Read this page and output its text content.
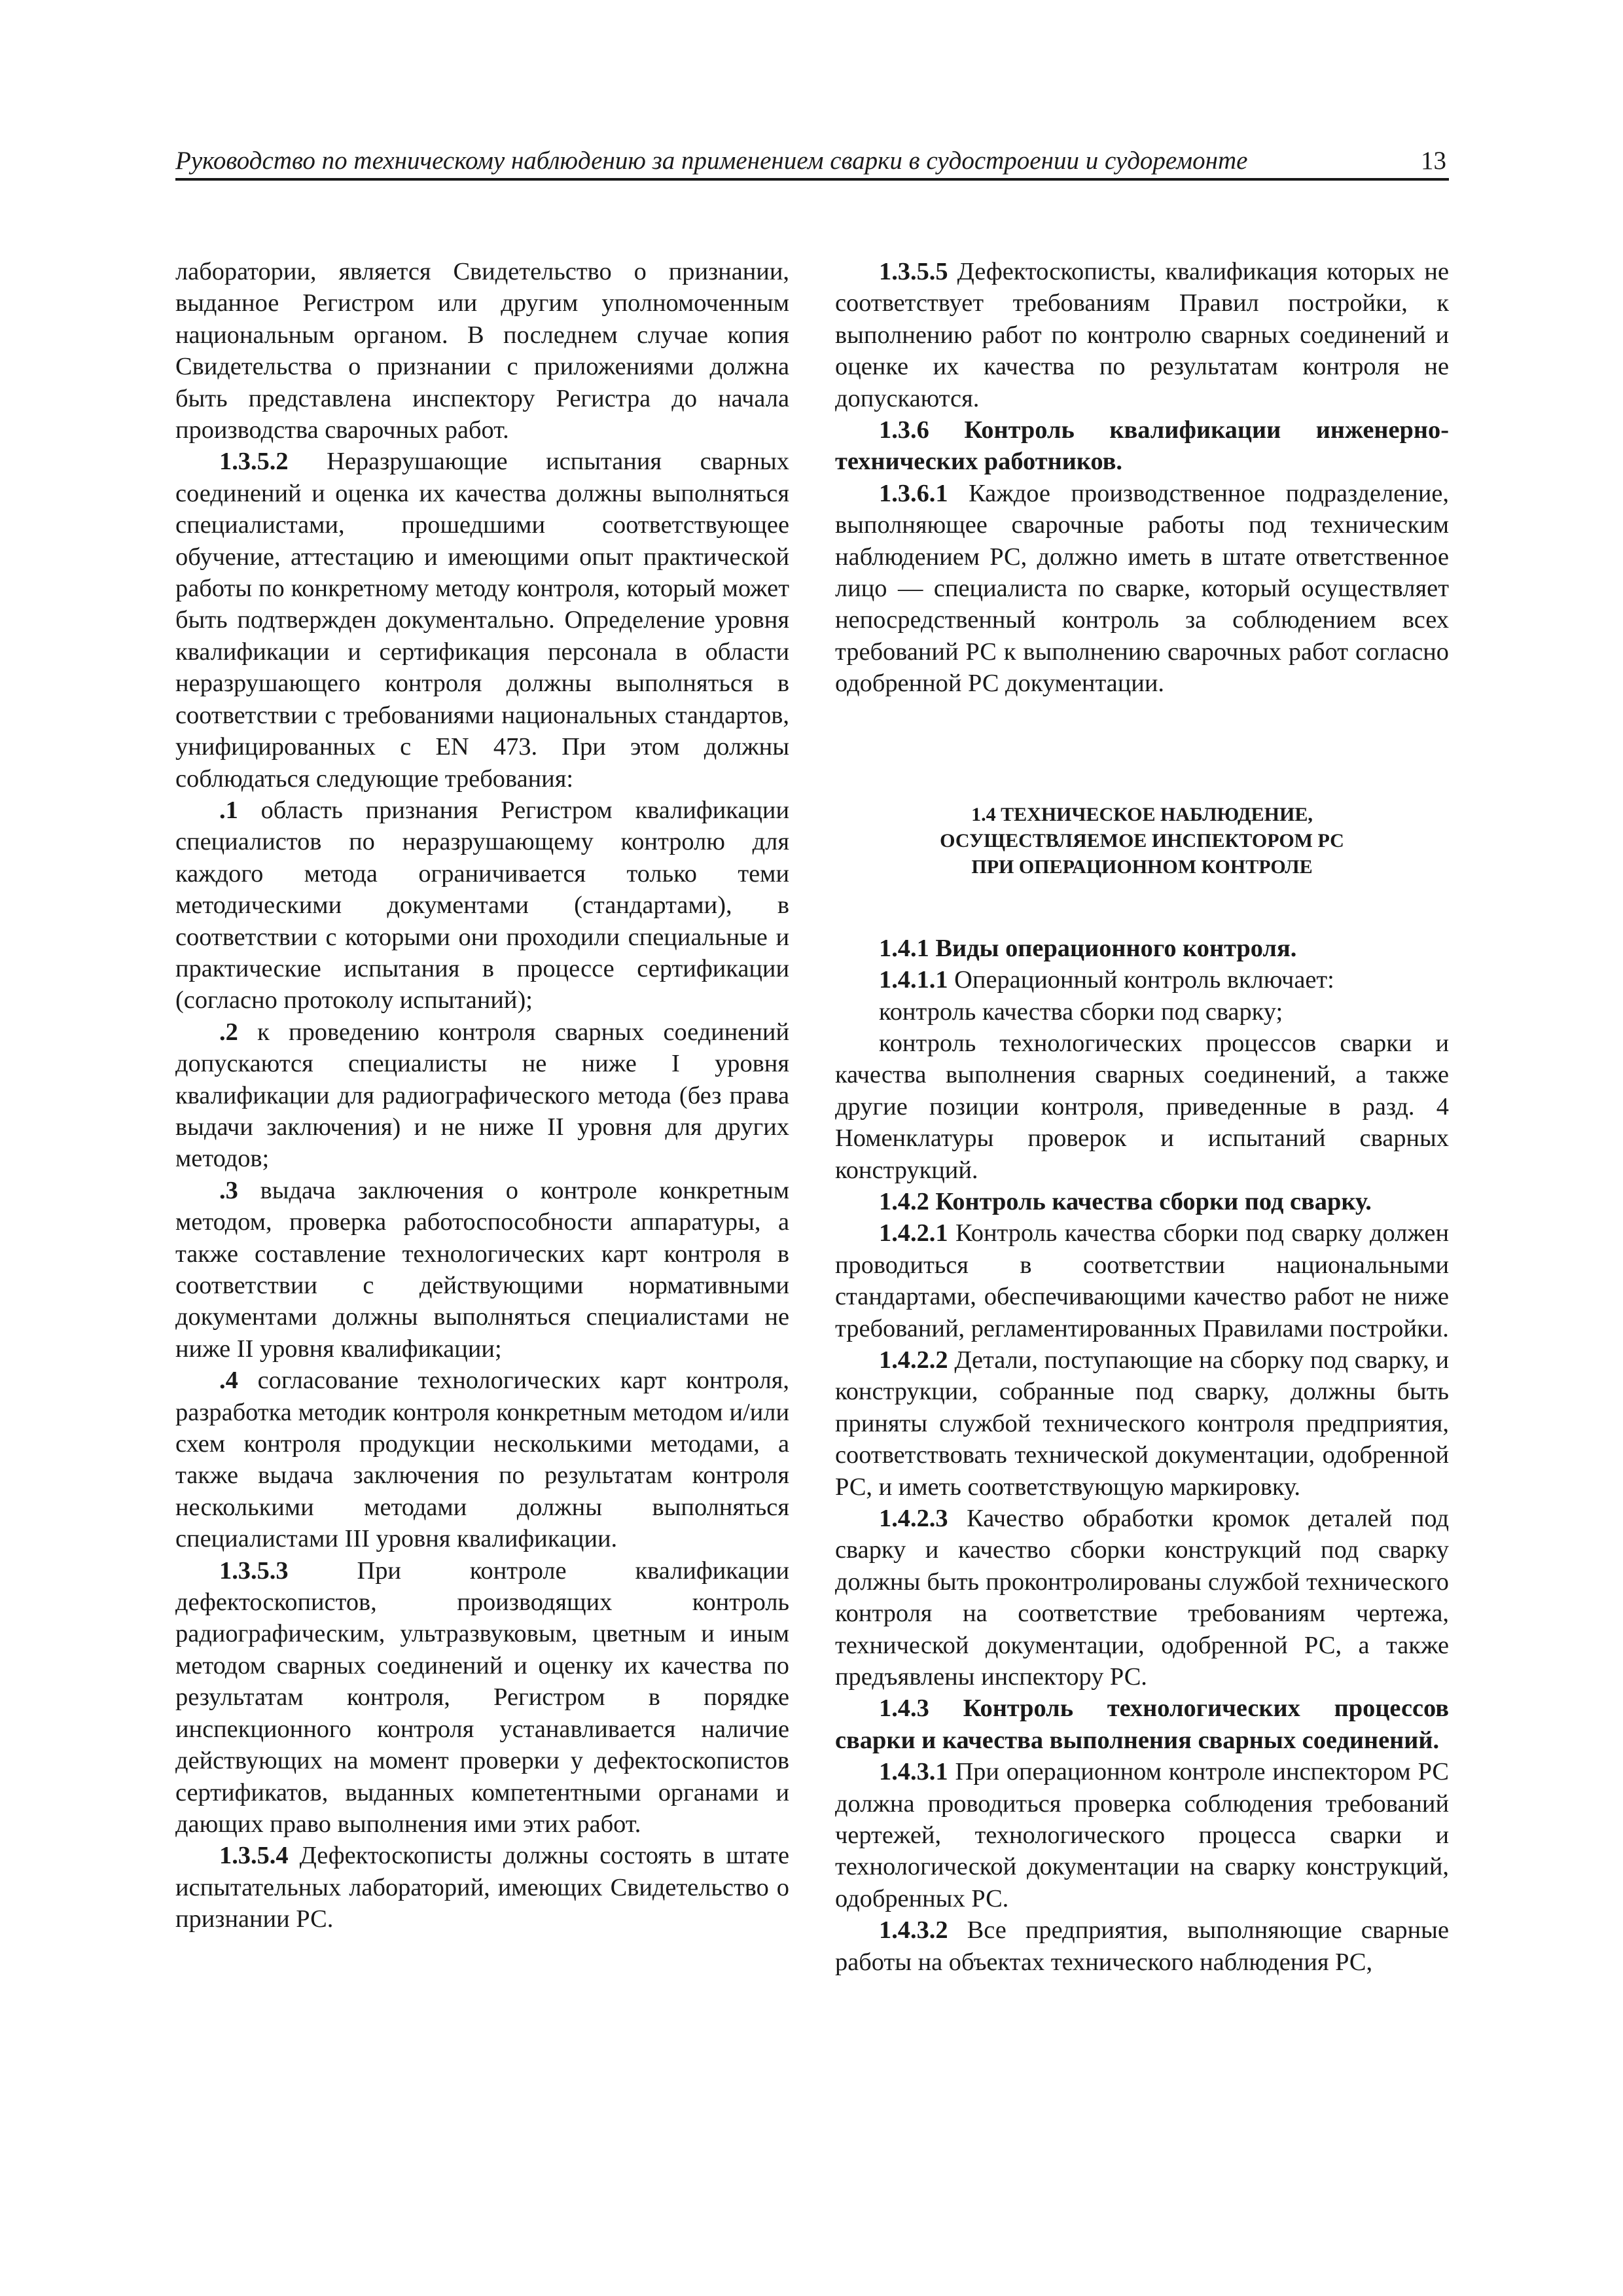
Руководство по техническому наблюдению за применением сварки в судостроении и судоремонте	13

лаборатории, является Свидетельство о признании, выданное Регистром или другим уполномоченным национальным органом. В последнем случае копия Свидетельства о признании с приложениями должна быть представлена инспектору Регистра до начала производства сварочных работ.

1.3.5.2 Неразрушающие испытания сварных соединений и оценка их качества должны выполняться специалистами, прошедшими соответствующее обучение, аттестацию и имеющими опыт практической работы по конкретному методу контроля, который может быть подтвержден документально. Определение уровня квалификации и сертификация персонала в области неразрушающего контроля должны выполняться в соответствии с требованиями национальных стандартов, унифицированных с EN 473. При этом должны соблюдаться следующие требования:

.1 область признания Регистром квалификации специалистов по неразрушающему контролю для каждого метода ограничивается только теми методическими документами (стандартами), в соответствии с которыми они проходили специальные и практические испытания в процессе сертификации (согласно протоколу испытаний);

.2 к проведению контроля сварных соединений допускаются специалисты не ниже I уровня квалификации для радиографического метода (без права выдачи заключения) и не ниже II уровня для других методов;

.3 выдача заключения о контроле конкретным методом, проверка работоспособности аппаратуры, а также составление технологических карт контроля в соответствии с действующими нормативными документами должны выполняться специалистами не ниже II уровня квалификации;

.4 согласование технологических карт контроля, разработка методик контроля конкретным методом и/или схем контроля продукции несколькими методами, а также выдача заключения по результатам контроля несколькими методами должны выполняться специалистами III уровня квалификации.

1.3.5.3 При контроле квалификации дефектоскопистов, производящих контроль радиографическим, ультразвуковым, цветным и иным методом сварных соединений и оценку их качества по результатам контроля, Регистром в порядке инспекционного контроля устанавливается наличие действующих на момент проверки у дефектоскопистов сертификатов, выданных компетентными органами и дающих право выполнения ими этих работ.

1.3.5.4 Дефектоскописты должны состоять в штате испытательных лабораторий, имеющих Свидетельство о признании РС.

1.3.5.5 Дефектоскописты, квалификация которых не соответствует требованиям Правил постройки, к выполнению работ по контролю сварных соединений и оценке их качества по результатам контроля не допускаются.

1.3.6 Контроль квалификации инженерно-технических работников.

1.3.6.1 Каждое производственное подразделение, выполняющее сварочные работы под техническим наблюдением РС, должно иметь в штате ответственное лицо — специалиста по сварке, который осуществляет непосредственный контроль за соблюдением всех требований РС к выполнению сварочных работ согласно одобренной РС документации.

1.4 ТЕХНИЧЕСКОЕ НАБЛЮДЕНИЕ,
ОСУЩЕСТВЛЯЕМОЕ ИНСПЕКТОРОМ РС
ПРИ ОПЕРАЦИОННОМ КОНТРОЛЕ

1.4.1 Виды операционного контроля.

1.4.1.1 Операционный контроль включает:

контроль качества сборки под сварку;

контроль технологических процессов сварки и качества выполнения сварных соединений, а также другие позиции контроля, приведенные в разд. 4 Номенклатуры проверок и испытаний сварных конструкций.

1.4.2 Контроль качества сборки под сварку.

1.4.2.1 Контроль качества сборки под сварку должен проводиться в соответствии национальными стандартами, обеспечивающими качество работ не ниже требований, регламентированных Правилами постройки.

1.4.2.2 Детали, поступающие на сборку под сварку, и конструкции, собранные под сварку, должны быть приняты службой технического контроля предприятия, соответствовать технической документации, одобренной РС, и иметь соответствующую маркировку.

1.4.2.3 Качество обработки кромок деталей под сварку и качество сборки конструкций под сварку должны быть проконтролированы службой технического контроля на соответствие требованиям чертежа, технической документации, одобренной РС, а также предъявлены инспектору РС.

1.4.3 Контроль технологических процессов сварки и качества выполнения сварных соединений.

1.4.3.1 При операционном контроле инспектором РС должна проводиться проверка соблюдения требований чертежей, технологического процесса сварки и технологической документации на сварку конструкций, одобренных РС.

1.4.3.2 Все предприятия, выполняющие сварные работы на объектах технического наблюдения РС,
